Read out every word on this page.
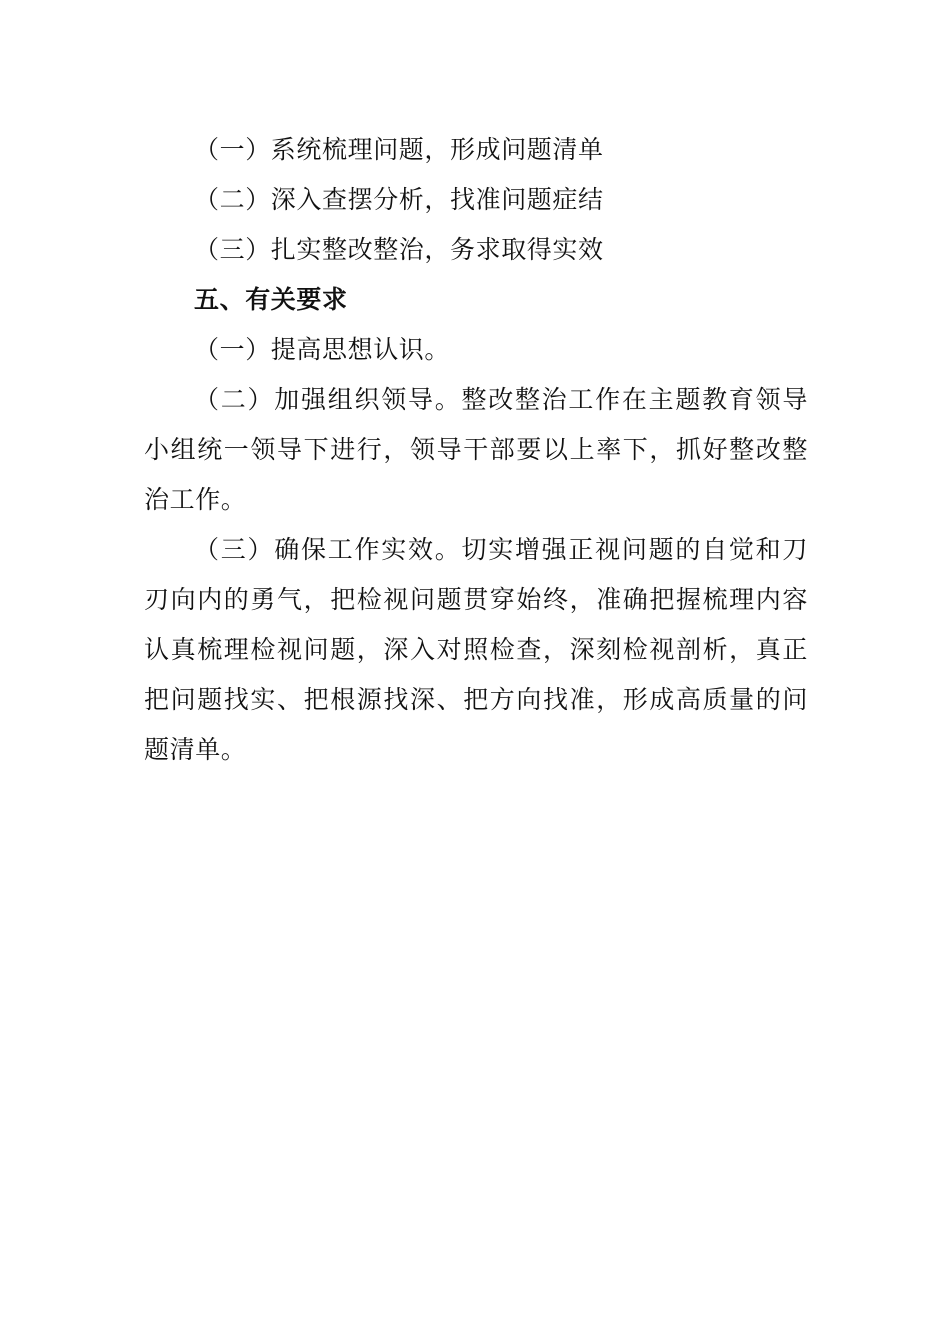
（一）系统梳理问题，形成问题清单

（二）深入查摆分析，找准问题症结

（三）扎实整改整治，务求取得实效

五、有关要求

（一）提高思想认识。

（二）加强组织领导。整改整治工作在主题教育领导小组统一领导下进行，领导干部要以上率下，抓好整改整治工作。

（三）确保工作实效。切实增强正视问题的自觉和刀刃向内的勇气，把检视问题贯穿始终，准确把握梳理内容认真梳理检视问题，深入对照检查，深刻检视剖析，真正把问题找实、把根源找深、把方向找准，形成高质量的问题清单。
